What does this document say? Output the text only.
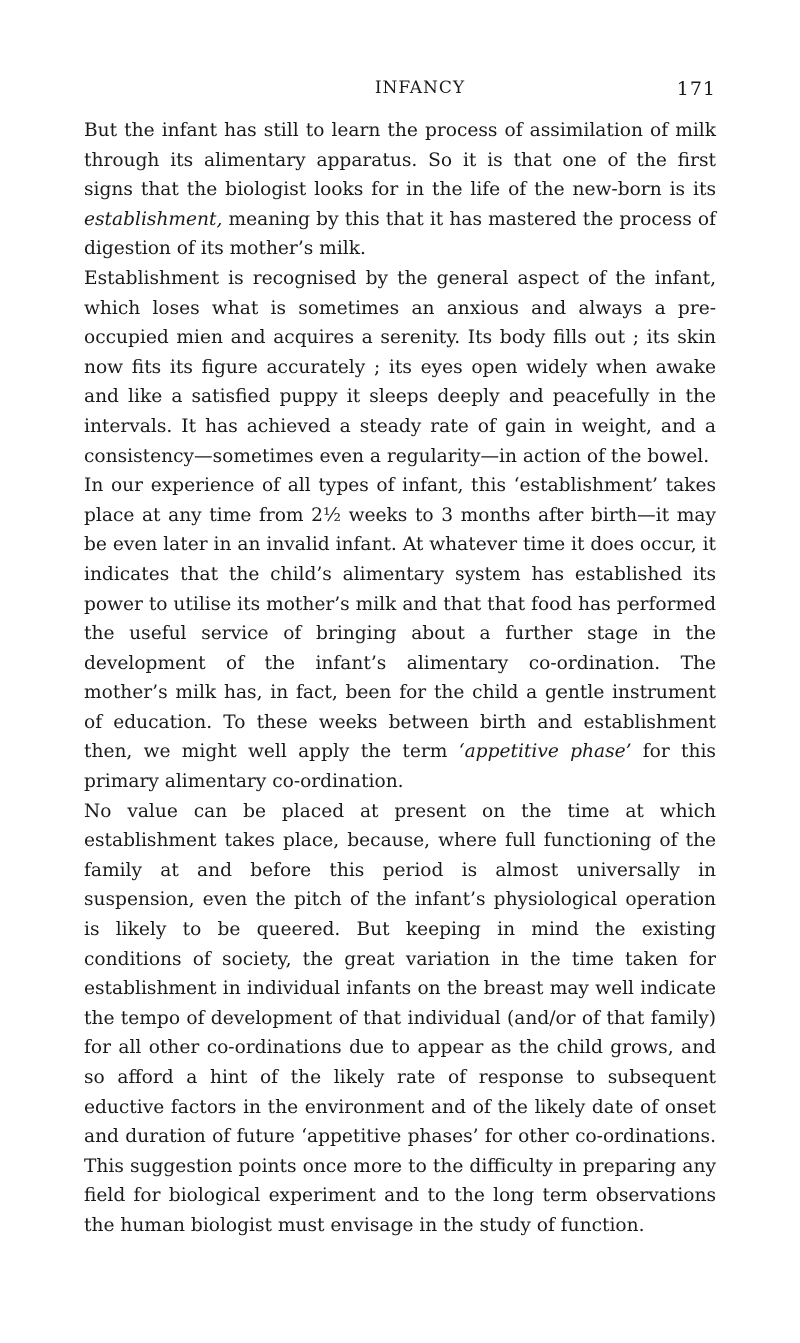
INFANCY	171

But the infant has still to learn the process of assimilation of milk through its alimentary apparatus. So it is that one of the first signs that the biologist looks for in the life of the new-born is its establishment, meaning by this that it has mastered the process of digestion of its mother’s milk.

Establishment is recognised by the general aspect of the infant, which loses what is sometimes an anxious and always a pre-occupied mien and acquires a serenity. Its body fills out ; its skin now fits its figure accurately ; its eyes open widely when awake and like a satisfied puppy it sleeps deeply and peacefully in the intervals. It has achieved a steady rate of gain in weight, and a consistency—sometimes even a regularity—in action of the bowel.

In our experience of all types of infant, this ‘establishment’ takes place at any time from 2½ weeks to 3 months after birth—it may be even later in an invalid infant. At whatever time it does occur, it indicates that the child’s alimentary system has established its power to utilise its mother’s milk and that that food has performed the useful service of bringing about a further stage in the development of the infant’s alimentary co-ordination. The mother’s milk has, in fact, been for the child a gentle instrument of education. To these weeks between birth and establishment then, we might well apply the term ‘appetitive phase’ for this primary alimentary co-ordination.

No value can be placed at present on the time at which establishment takes place, because, where full functioning of the family at and before this period is almost universally in suspension, even the pitch of the infant’s physiological operation is likely to be queered. But keeping in mind the existing conditions of society, the great variation in the time taken for establishment in individual infants on the breast may well indicate the tempo of development of that individual (and/or of that family) for all other co-ordinations due to appear as the child grows, and so afford a hint of the likely rate of response to subsequent eductive factors in the environment and of the likely date of onset and duration of future ‘appetitive phases’ for other co-ordinations. This suggestion points once more to the difficulty in preparing any field for biological experiment and to the long term observations the human biologist must envisage in the study of function.
